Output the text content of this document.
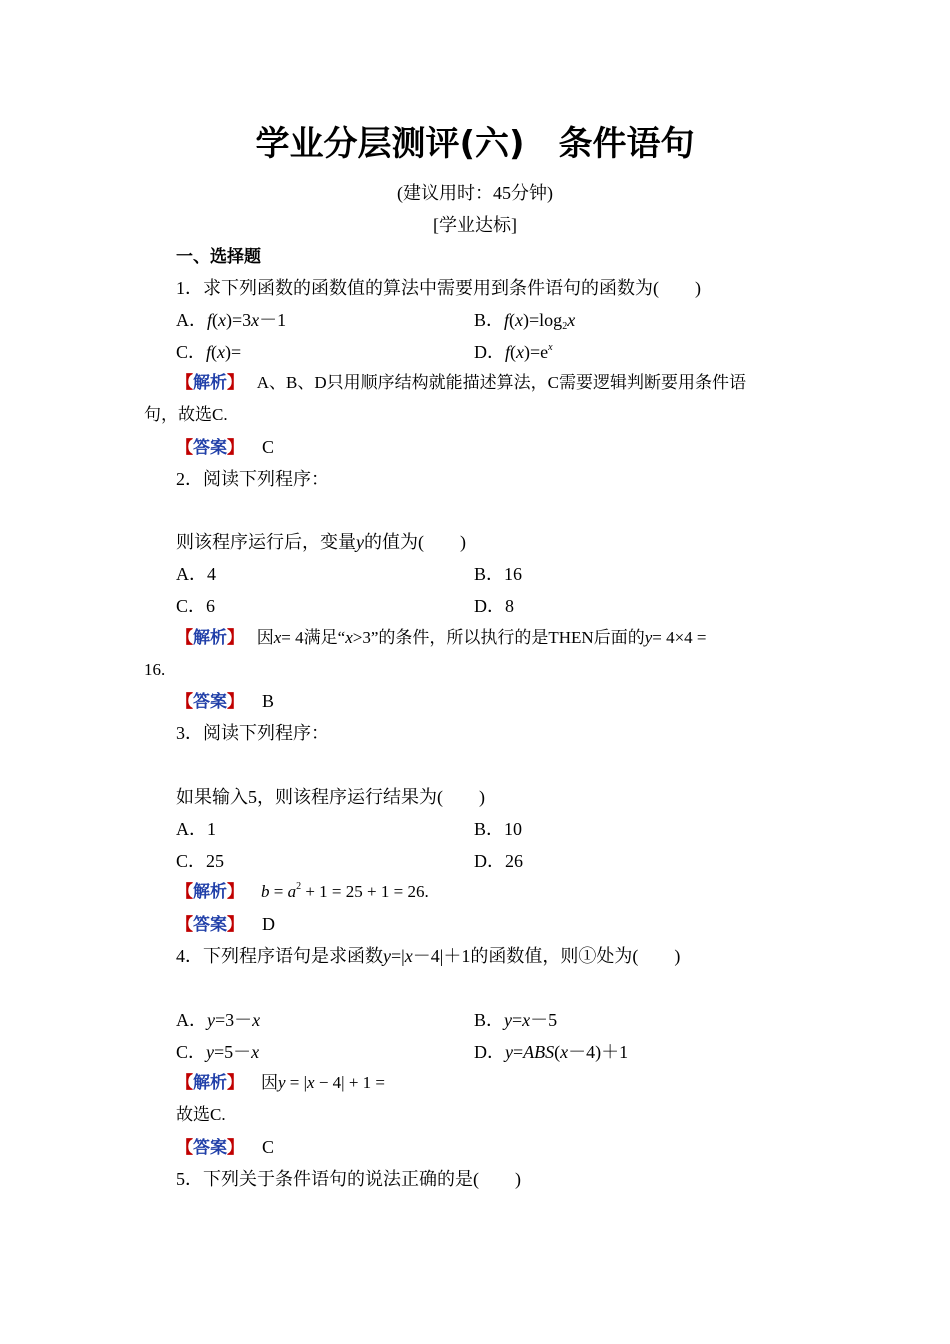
学业分层测评(六)　条件语句
(建议用时：45分钟)
[学业达标]
一、选择题
1．求下列函数的函数值的算法中需要用到条件语句的函数为(　　)
A．f(x)=3x－1	B．$f(x)=\log_2x$
C．f(x)=	D．$f(x)=e^x$
【解析】 A、B、D只用顺序结构就能描述算法，C需要逻辑判断要用条件语
句，故选C.
【答案】 C
2．阅读下列程序：
则该程序运行后，变量y的值为(　　)
A．4	B．16
C．6	D．8
【解析】 因x= 4满足“x>3”的条件，所以执行的是THEN后面的y= 4×4 =
16.
【答案】 B
3．阅读下列程序：
如果输入5，则该程序运行结果为(　　)
A．1	B．10
C．25	D．26
【解析】 $b = a^2 + 1 = 25 + 1 = 26$.
【答案】 D
4．下列程序语句是求函数y=|x－4|＋1的函数值，则①处为(　　)
A．y=3－x	B．y=x－5
C．y=5－x	D．y=ABS(x－4)＋1
【解析】 因y = |x − 4| + 1 =
故选C.
【答案】 C
5．下列关于条件语句的说法正确的是(　　)
